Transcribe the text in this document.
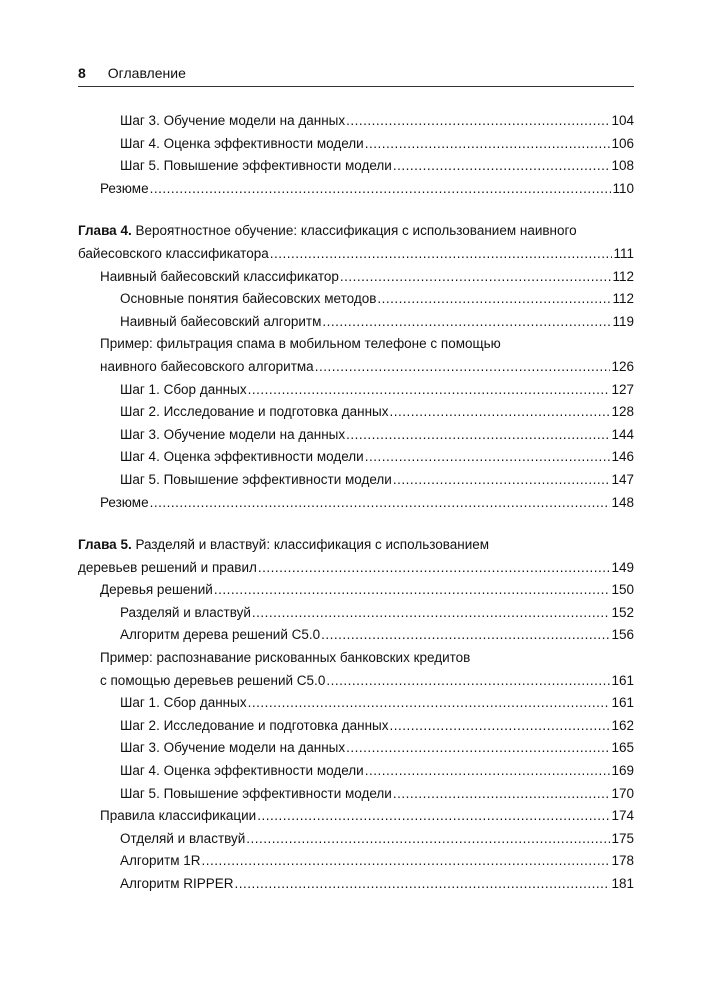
8 Оглавление
Шаг 3. Обучение модели на данных .....	104
Шаг 4. Оценка эффективности модели .....	106
Шаг 5. Повышение эффективности модели .....	108
Резюме .....	110
Глава 4. Вероятностное обучение: классификация с использованием наивного
байесовского классификатора .....	111
Наивный байесовский классификатор .....	112
Основные понятия байесовских методов .....	112
Наивный байесовский алгоритм .....	119
Пример: фильтрация спама в мобильном телефоне с помощью
наивного байесовского алгоритма .....	126
Шаг 1. Сбор данных .....	127
Шаг 2. Исследование и подготовка данных .....	128
Шаг 3. Обучение модели на данных .....	144
Шаг 4. Оценка эффективности модели .....	146
Шаг 5. Повышение эффективности модели .....	147
Резюме .....	148
Глава 5. Разделяй и властвуй: классификация с использованием
деревьев решений и правил .....	149
Деревья решений .....	150
Разделяй и властвуй .....	152
Алгоритм дерева решений C5.0 .....	156
Пример: распознавание рискованных банковских кредитов
с помощью деревьев решений C5.0 .....	161
Шаг 1. Сбор данных .....	161
Шаг 2. Исследование и подготовка данных .....	162
Шаг 3. Обучение модели на данных .....	165
Шаг 4. Оценка эффективности модели .....	169
Шаг 5. Повышение эффективности модели .....	170
Правила классификации .....	174
Отделяй и властвуй .....	175
Алгоритм 1R .....	178
Алгоритм RIPPER .....	181
